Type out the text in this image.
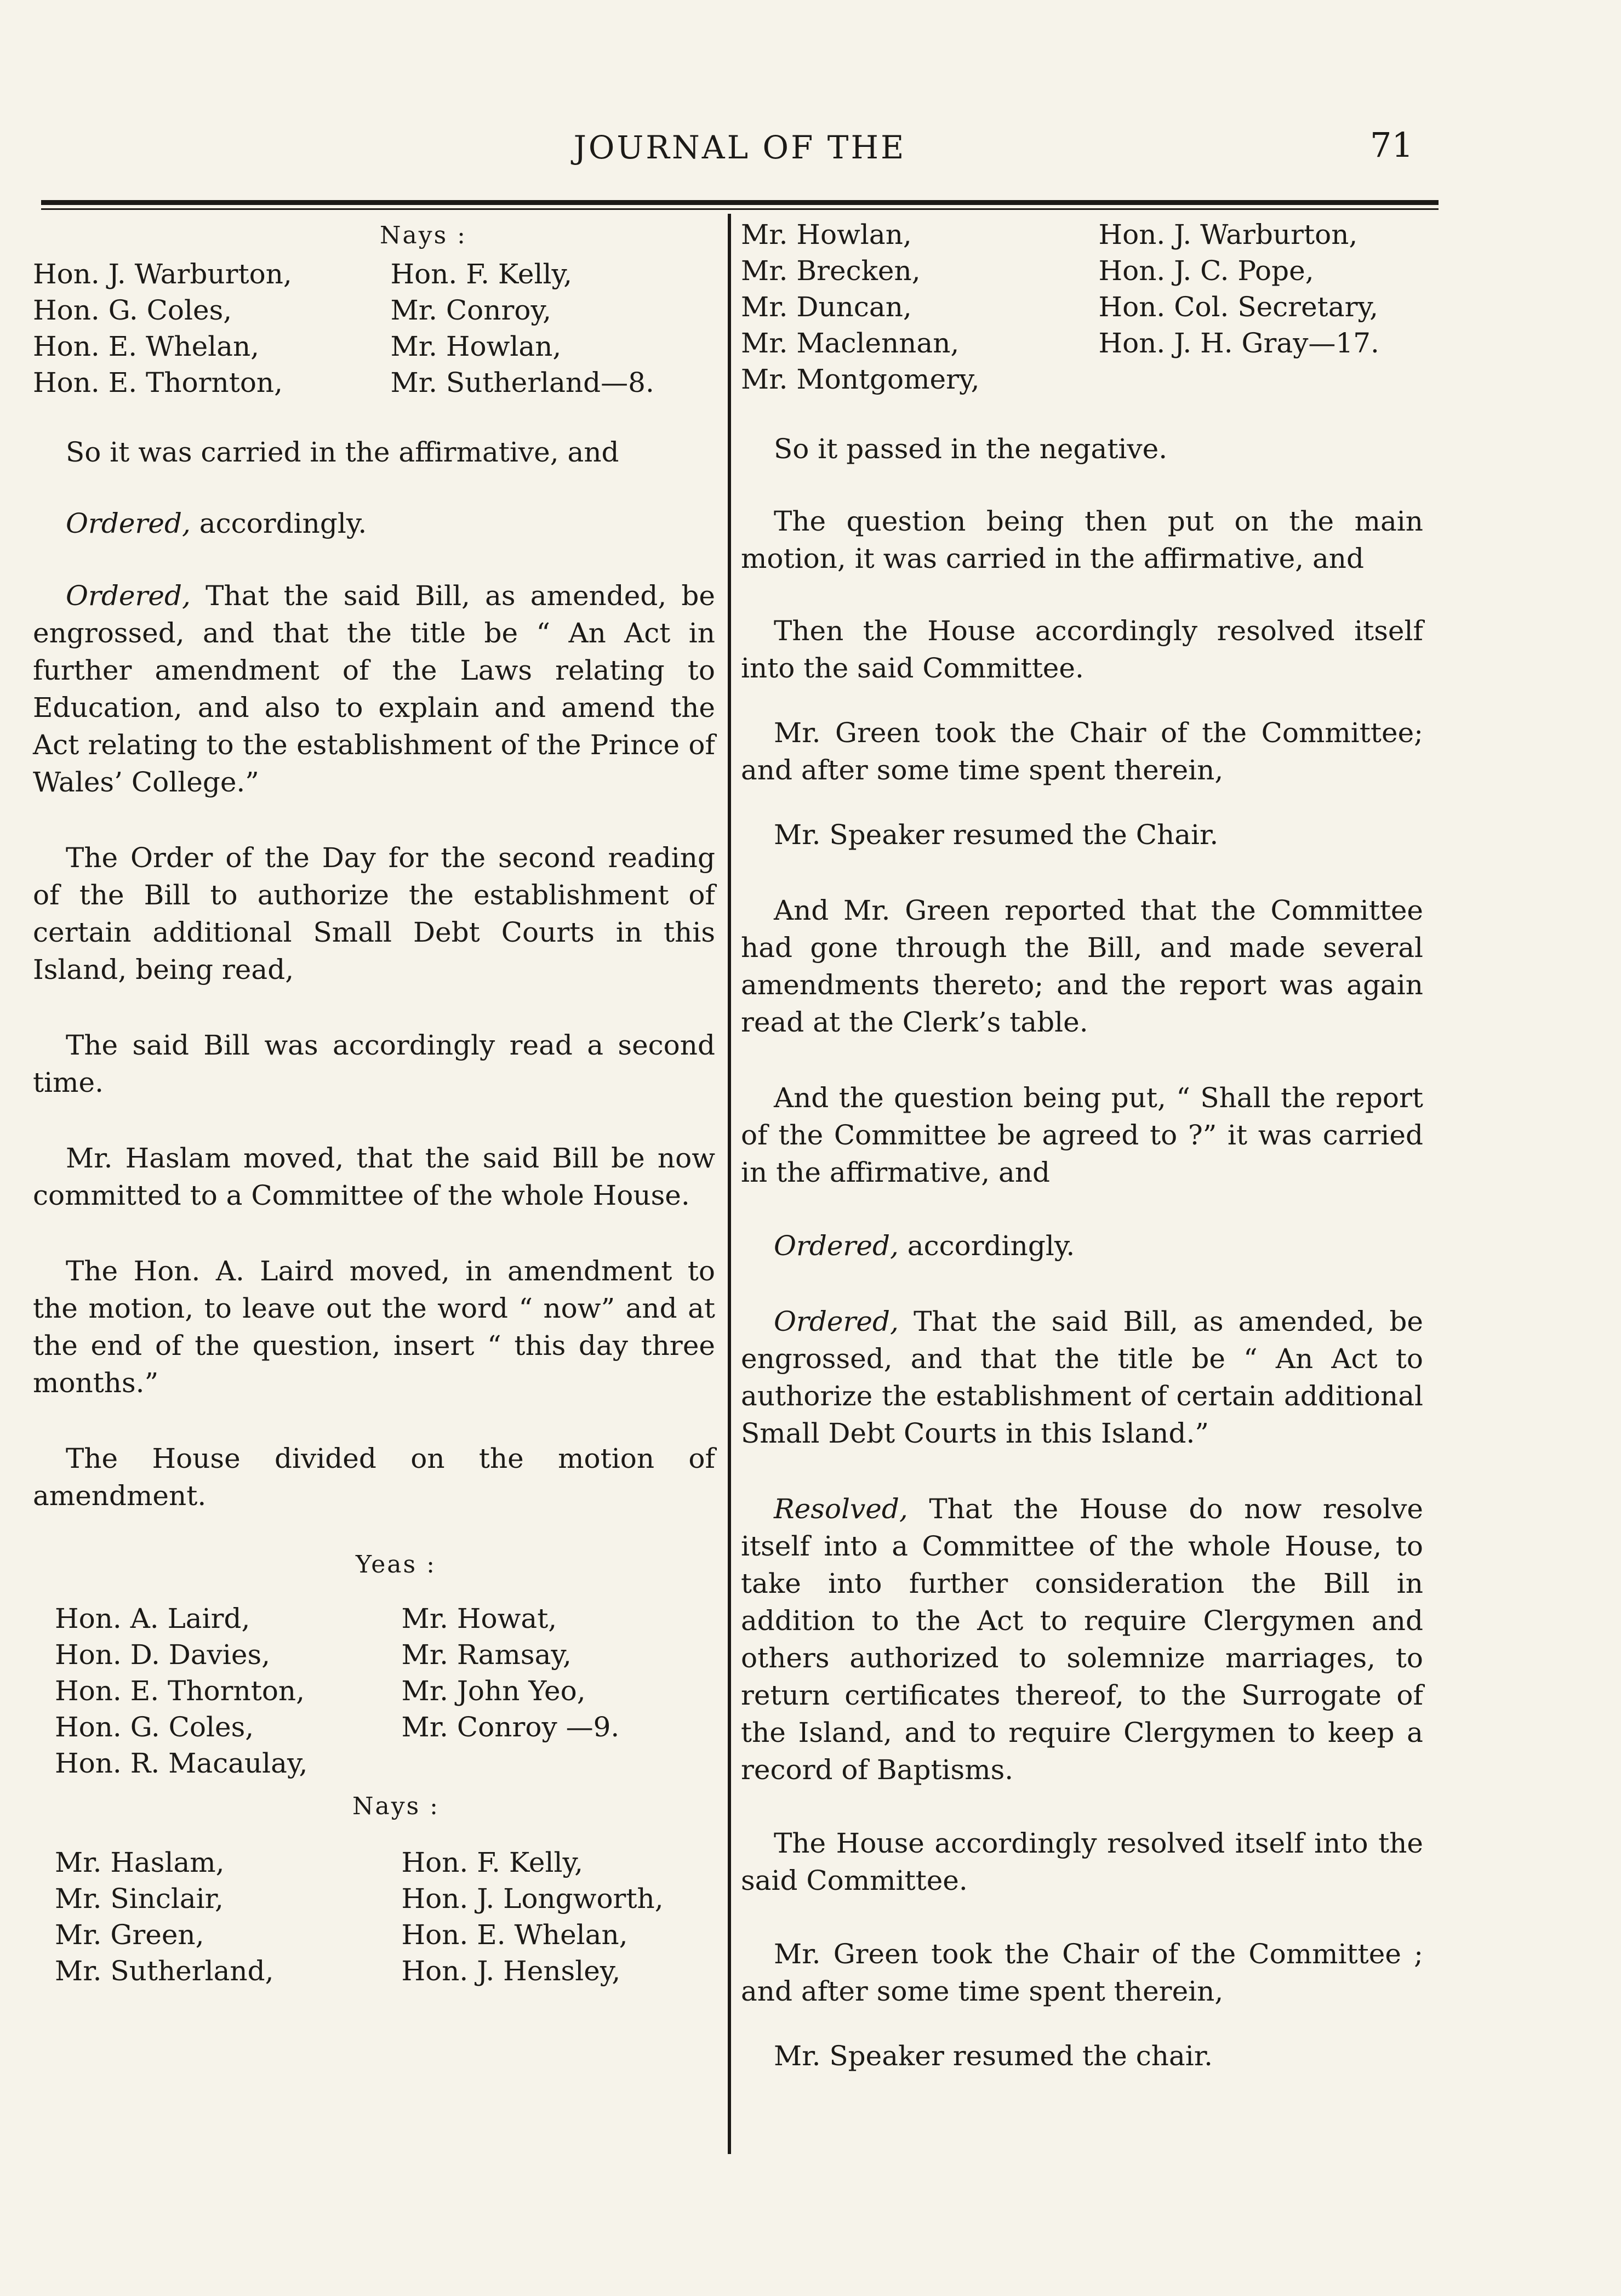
JOURNAL OF THE	71
Nays :
Hon. J. Warburton,	Hon. F. Kelly,
Hon. G. Coles,	Mr. Conroy,
Hon. E. Whelan,	Mr. Howlan,
Hon. E. Thornton,	Mr. Sutherland—8.
So it was carried in the affirmative, and
Ordered, accordingly.
Ordered, That the said Bill, as amended, be engrossed, and that the title be “ An Act in further amendment of the Laws relating to Education, and also to explain and amend the Act relating to the establishment of the Prince of Wales’ College.”
The Order of the Day for the second reading of the Bill to authorize the establishment of certain additional Small Debt Courts in this Island, being read,
The said Bill was accordingly read a second time.
Mr. Haslam moved, that the said Bill be now committed to a Committee of the whole House.
The Hon. A. Laird moved, in amendment to the motion, to leave out the word “ now” and at the end of the question, insert “ this day three months.”
The House divided on the motion of amendment.
Yeas :
Hon. A. Laird,	Mr. Howat,
Hon. D. Davies,	Mr. Ramsay,
Hon. E. Thornton,	Mr. John Yeo,
Hon. G. Coles,	Mr. Conroy —9.
Hon. R. Macaulay,
Nays :
Mr. Haslam,	Hon. F. Kelly,
Mr. Sinclair,	Hon. J. Longworth,
Mr. Green,	Hon. E. Whelan,
Mr. Sutherland,	Hon. J. Hensley,
Mr. Howlan,	Hon. J. Warburton,
Mr. Brecken,	Hon. J. C. Pope,
Mr. Duncan,	Hon. Col. Secretary,
Mr. Maclennan,	Hon. J. H. Gray—17.
Mr. Montgomery,
So it passed in the negative.
The question being then put on the main motion, it was carried in the affirmative, and
Then the House accordingly resolved itself into the said Committee.
Mr. Green took the Chair of the Committee; and after some time spent therein,
Mr. Speaker resumed the Chair.
And Mr. Green reported that the Committee had gone through the Bill, and made several amendments thereto; and the report was again read at the Clerk’s table.
And the question being put, “ Shall the report of the Committee be agreed to ?” it was carried in the affirmative, and
Ordered, accordingly.
Ordered, That the said Bill, as amended, be engrossed, and that the title be “ An Act to authorize the establishment of certain additional Small Debt Courts in this Island.”
Resolved, That the House do now resolve itself into a Committee of the whole House, to take into further consideration the Bill in addition to the Act to require Clergymen and others authorized to solemnize marriages, to return certificates thereof, to the Surrogate of the Island, and to require Clergymen to keep a record of Baptisms.
The House accordingly resolved itself into the said Committee.
Mr. Green took the Chair of the Committee ; and after some time spent therein,
Mr. Speaker resumed the chair.
